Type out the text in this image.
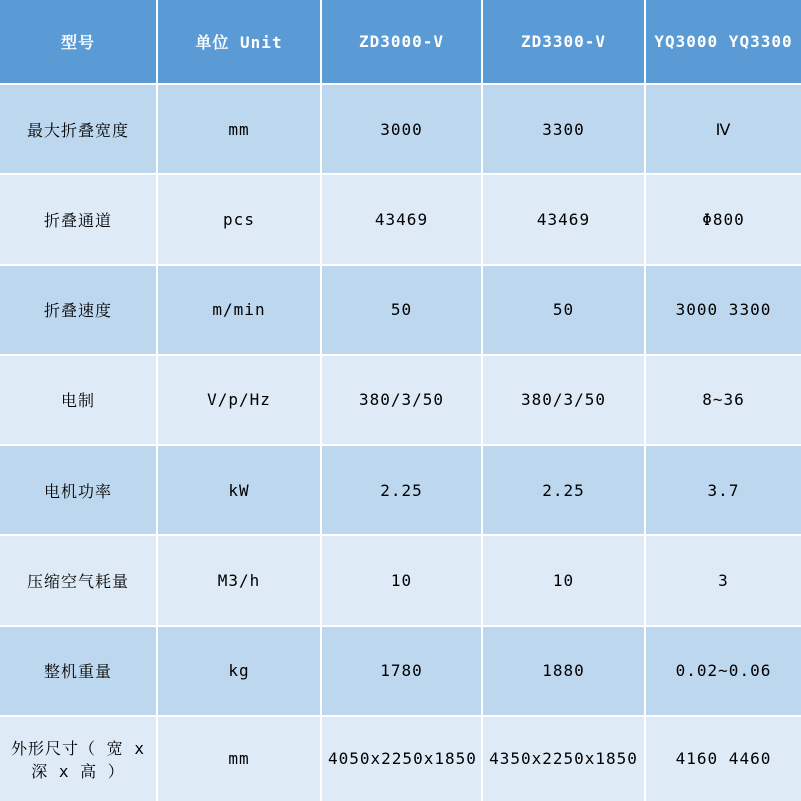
型号	单位 Unit	ZD3000-V	ZD3300-V	YQ3000 YQ3300
最大折叠宽度	mm	3000	3300	Ⅳ
折叠通道	pcs	43469	43469	Φ800
折叠速度	m/min	50	50	3000 3300
电制	V/p/Hz	380/3/50	380/3/50	8~36
电机功率	kW	2.25	2.25	3.7
压缩空气耗量	M3/h	10	10	3
整机重量	kg	1780	1880	0.02~0.06
外形尺寸（ 宽 x 深 x 高 ）	mm	4050x2250x1850	4350x2250x1850	4160 4460
